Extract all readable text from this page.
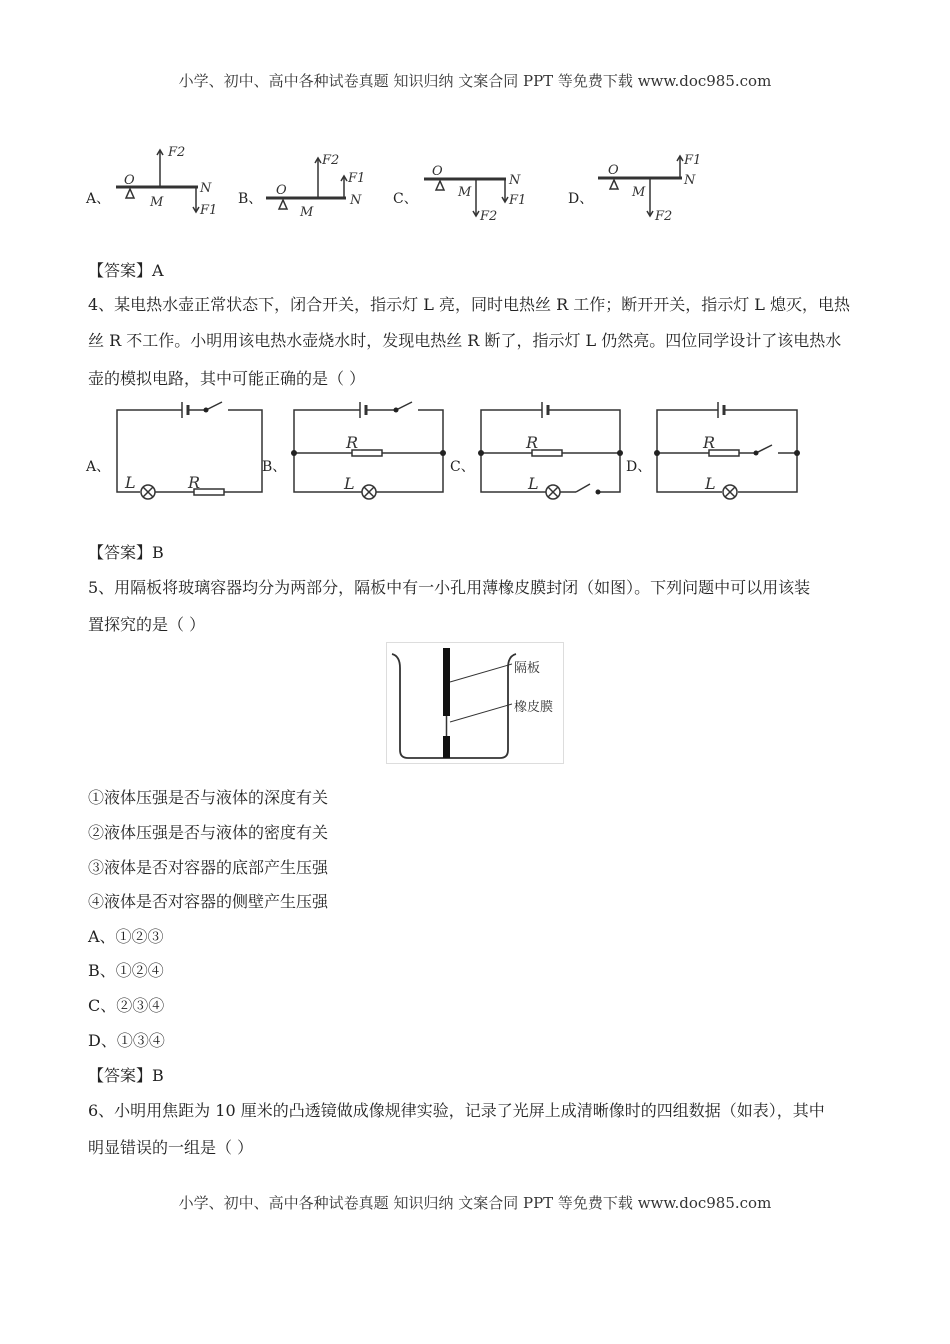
小学、初中、高中各种试卷真题 知识归纳 文案合同 PPT 等免费下载 www.doc985.com
A、	B、	C、	D、
O
M
N
F2
F1
O
M
N
F2
F1	O
M
N
F2
F1
O
M
N
F2
F1
【答案】A
4、某电热水壶正常状态下，闭合开关，指示灯 L 亮，同时电热丝 R 工作；断开开关，指示灯 L 熄灭，电热
丝 R 不工作。小明用该电热水壶烧水时，发现电热丝 R 断了，指示灯 L 仍然亮。四位同学设计了该电热水
壶的模拟电路，其中可能正确的是（ ）
A、	B、	C、	D、
L	R
R
L
R
L
R
L
【答案】B
5、用隔板将玻璃容器均分为两部分，隔板中有一小孔用薄橡皮膜封闭（如图）。下列问题中可以用该装
置探究的是（ ）
隔板
橡皮膜
①液体压强是否与液体的深度有关
②液体压强是否与液体的密度有关
③液体是否对容器的底部产生压强
④液体是否对容器的侧壁产生压强
A、①②③
B、①②④
C、②③④
D、①③④
【答案】B
6、小明用焦距为 10 厘米的凸透镜做成像规律实验，记录了光屏上成清晰像时的四组数据（如表），其中
明显错误的一组是（ ）
小学、初中、高中各种试卷真题 知识归纳 文案合同 PPT 等免费下载 www.doc985.com
